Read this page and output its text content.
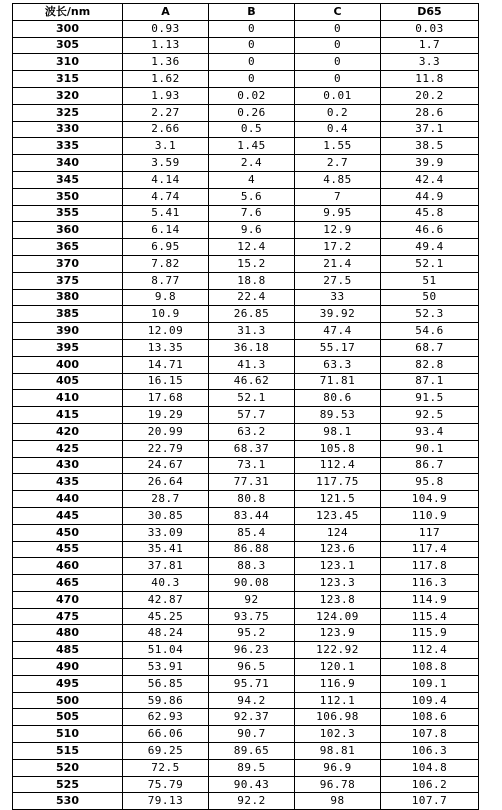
波长/nm	A	B	C	D65
300	0.93	0	0	0.03
305	1.13	0	0	1.7
310	1.36	0	0	3.3
315	1.62	0	0	11.8
320	1.93	0.02	0.01	20.2
325	2.27	0.26	0.2	28.6
330	2.66	0.5	0.4	37.1
335	3.1	1.45	1.55	38.5
340	3.59	2.4	2.7	39.9
345	4.14	4	4.85	42.4
350	4.74	5.6	7	44.9
355	5.41	7.6	9.95	45.8
360	6.14	9.6	12.9	46.6
365	6.95	12.4	17.2	49.4
370	7.82	15.2	21.4	52.1
375	8.77	18.8	27.5	51
380	9.8	22.4	33	50
385	10.9	26.85	39.92	52.3
390	12.09	31.3	47.4	54.6
395	13.35	36.18	55.17	68.7
400	14.71	41.3	63.3	82.8
405	16.15	46.62	71.81	87.1
410	17.68	52.1	80.6	91.5
415	19.29	57.7	89.53	92.5
420	20.99	63.2	98.1	93.4
425	22.79	68.37	105.8	90.1
430	24.67	73.1	112.4	86.7
435	26.64	77.31	117.75	95.8
440	28.7	80.8	121.5	104.9
445	30.85	83.44	123.45	110.9
450	33.09	85.4	124	117
455	35.41	86.88	123.6	117.4
460	37.81	88.3	123.1	117.8
465	40.3	90.08	123.3	116.3
470	42.87	92	123.8	114.9
475	45.25	93.75	124.09	115.4
480	48.24	95.2	123.9	115.9
485	51.04	96.23	122.92	112.4
490	53.91	96.5	120.1	108.8
495	56.85	95.71	116.9	109.1
500	59.86	94.2	112.1	109.4
505	62.93	92.37	106.98	108.6
510	66.06	90.7	102.3	107.8
515	69.25	89.65	98.81	106.3
520	72.5	89.5	96.9	104.8
525	75.79	90.43	96.78	106.2
530	79.13	92.2	98	107.7
